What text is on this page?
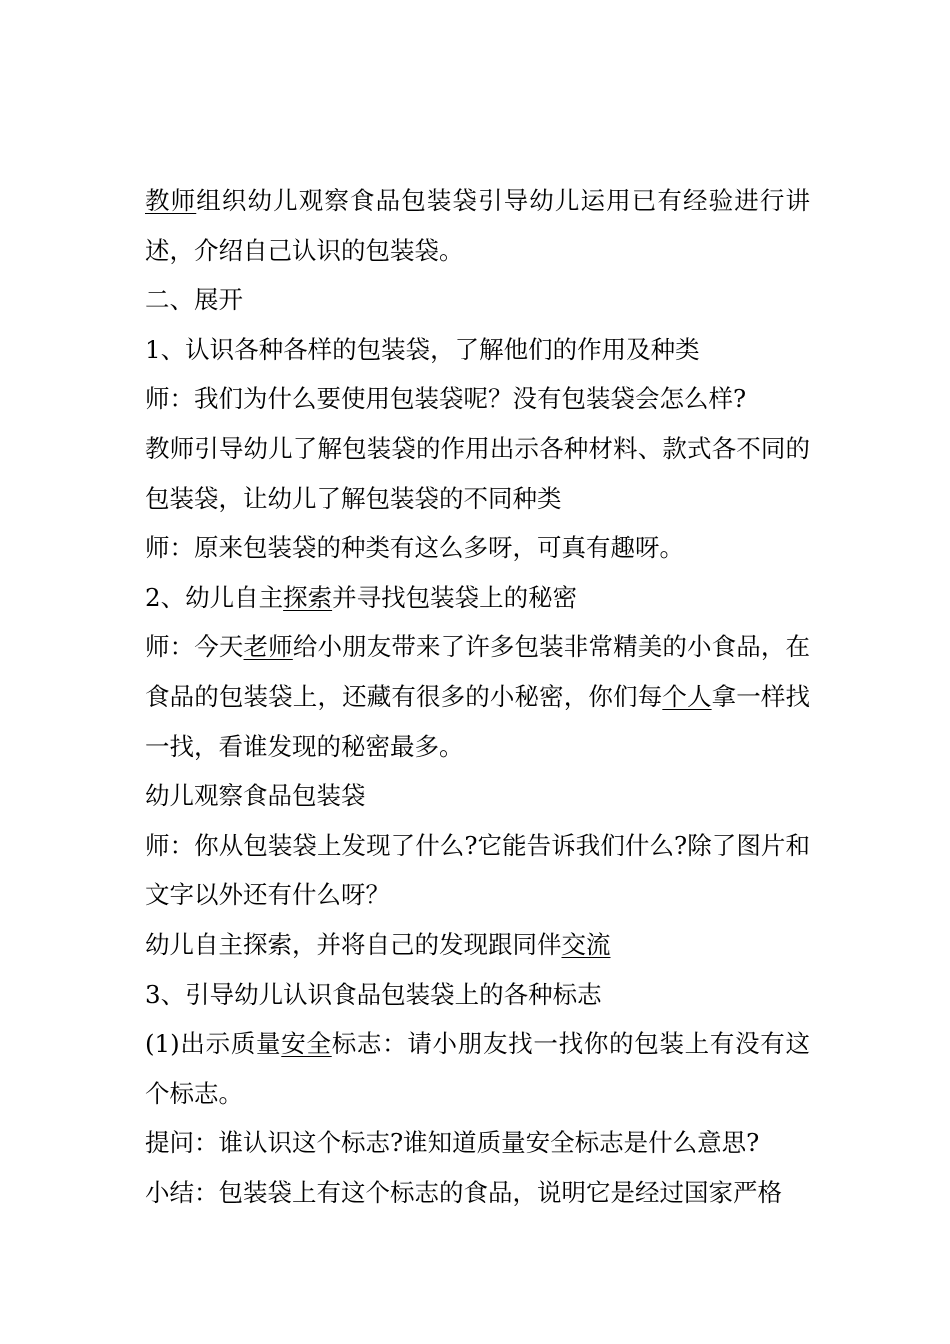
教师组织幼儿观察食品包装袋引导幼儿运用已有经验进行讲述，介绍自己认识的包装袋。

二、展开

1、认识各种各样的包装袋，了解他们的作用及种类

师：我们为什么要使用包装袋呢？没有包装袋会怎么样?

教师引导幼儿了解包装袋的作用出示各种材料、款式各不同的包装袋，让幼儿了解包装袋的不同种类

师：原来包装袋的种类有这么多呀，可真有趣呀。

2、幼儿自主探索并寻找包装袋上的秘密

师：今天老师给小朋友带来了许多包装非常精美的小食品，在食品的包装袋上，还藏有很多的小秘密，你们每个人拿一样找一找，看谁发现的秘密最多。

幼儿观察食品包装袋

师：你从包装袋上发现了什么?它能告诉我们什么?除了图片和文字以外还有什么呀？

幼儿自主探索，并将自己的发现跟同伴交流

3、引导幼儿认识食品包装袋上的各种标志

(1)出示质量安全标志：请小朋友找一找你的包装上有没有这个标志。

提问：谁认识这个标志?谁知道质量安全标志是什么意思?

小结：包装袋上有这个标志的食品，说明它是经过国家严格
